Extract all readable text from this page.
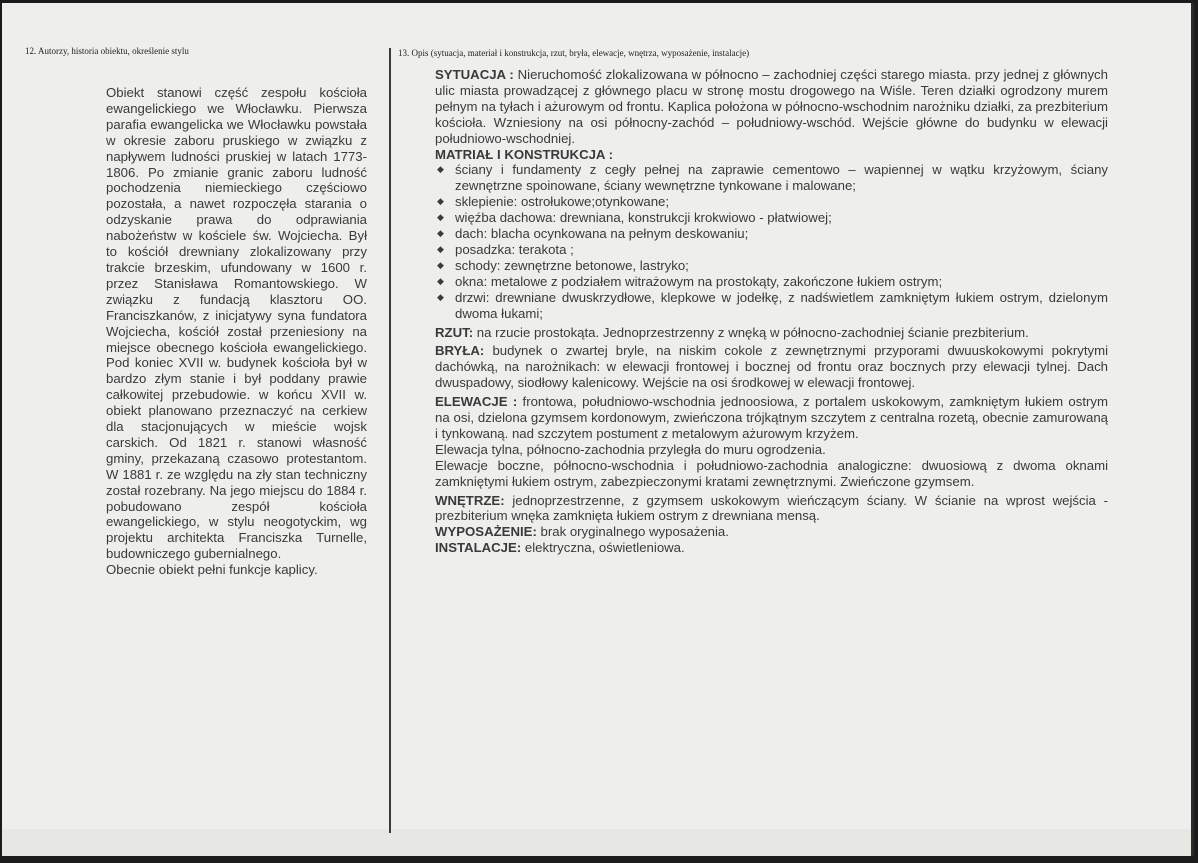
12. Autorzy, historia obiektu, określenie stylu	13. Opis (sytuacja, materiał i konstrukcja, rzut, bryła, elewacje, wnętrza, wyposażenie, instalacje)

Obiekt stanowi część zespołu kościoła ewangelickiego we Włocławku. Pierwsza parafia ewangelicka we Włocławku powstała w okresie zaboru pruskiego w związku z napływem ludności pruskiej w latach 1773-1806. Po zmianie granic zaboru ludność pochodzenia niemieckiego częściowo pozostała, a nawet rozpoczęła starania o odzyskanie prawa do odprawiania nabożeństw w kościele św. Wojciecha. Był to kościół drewniany zlokalizowany przy trakcie brzeskim, ufundowany w 1600 r. przez Stanisława Romantowskiego. W związku z fundacją klasztoru OO. Franciszkanów, z inicjatywy syna fundatora Wojciecha, kościół został przeniesiony na miejsce obecnego kościoła ewangelickiego. Pod koniec XVII w. budynek kościoła był w bardzo złym stanie i był poddany prawie całkowitej przebudowie. w końcu XVII w. obiekt planowano przeznaczyć na cerkiew dla stacjonujących w mieście wojsk carskich. Od 1821 r. stanowi własność gminy, przekazaną czasowo protestantom. W 1881 r. ze względu na zły stan techniczny został rozebrany. Na jego miejscu do 1884 r. pobudowano zespół kościoła ewangelickiego, w stylu neogotyckim, wg projektu architekta Franciszka Turnelle, budowniczego gubernialnego.

Obecnie obiekt pełni funkcje kaplicy.

SYTUACJA : Nieruchomość zlokalizowana w północno – zachodniej części starego miasta. przy jednej z głównych ulic miasta prowadzącej z głównego placu w stronę mostu drogowego na Wiśle. Teren działki ogrodzony murem pełnym na tyłach i ażurowym od frontu. Kaplica położona w północno-wschodnim narożniku działki, za prezbiterium kościoła. Wzniesiony na osi północny-zachód – południowy-wschód. Wejście główne do budynku w elewacji południowo-wschodniej.

MATRIAŁ I KONSTRUKCJA :

◆ ściany i fundamenty z cegły pełnej na zaprawie cementowo – wapiennej w wątku krzyżowym, ściany zewnętrzne spoinowane, ściany wewnętrzne tynkowane i malowane;
◆ sklepienie: ostrołukowe;otynkowane;
◆ więźba dachowa: drewniana, konstrukcji krokwiowo - płatwiowej;
◆ dach: blacha ocynkowana na pełnym deskowaniu;
◆ posadzka: terakota ;
◆ schody: zewnętrzne betonowe, lastryko;
◆ okna: metalowe z podziałem witrażowym na prostokąty, zakończone łukiem ostrym;
◆ drzwi: drewniane dwuskrzydłowe, klepkowe w jodełkę, z nadświetlem zamkniętym łukiem ostrym, dzielonym dwoma łukami;

RZUT: na rzucie prostokąta. Jednoprzestrzenny z wnęką w północno-zachodniej ścianie prezbiterium.

BRYŁA: budynek o zwartej bryle, na niskim cokole z zewnętrznymi przyporami dwuuskokowymi pokrytymi dachówką, na narożnikach: w elewacji frontowej i bocznej od frontu oraz bocznych przy elewacji tylnej. Dach dwuspadowy, siodłowy kalenicowy. Wejście na osi środkowej w elewacji frontowej.

ELEWACJE : frontowa, południowo-wschodnia jednoosiowa, z portalem uskokowym, zamkniętym łukiem ostrym na osi, dzielona gzymsem kordonowym, zwieńczona trójkątnym szczytem z centralna rozetą, obecnie zamurowaną i tynkowaną. nad szczytem postument z metalowym ażurowym krzyżem.

Elewacja tylna, północno-zachodnia przyległa do muru ogrodzenia.

Elewacje boczne, północno-wschodnia i południowo-zachodnia analogiczne: dwuosiową z dwoma oknami zamkniętymi łukiem ostrym, zabezpieczonymi kratami zewnętrznymi. Zwieńczone gzymsem.

WNĘTRZE: jednoprzestrzenne, z gzymsem uskokowym wieńczącym ściany. W ścianie na wprost wejścia - prezbiterium wnęka zamknięta łukiem ostrym z drewniana mensą.

WYPOSAŻENIE: brak oryginalnego wyposażenia.

INSTALACJE: elektryczna, oświetleniowa.
